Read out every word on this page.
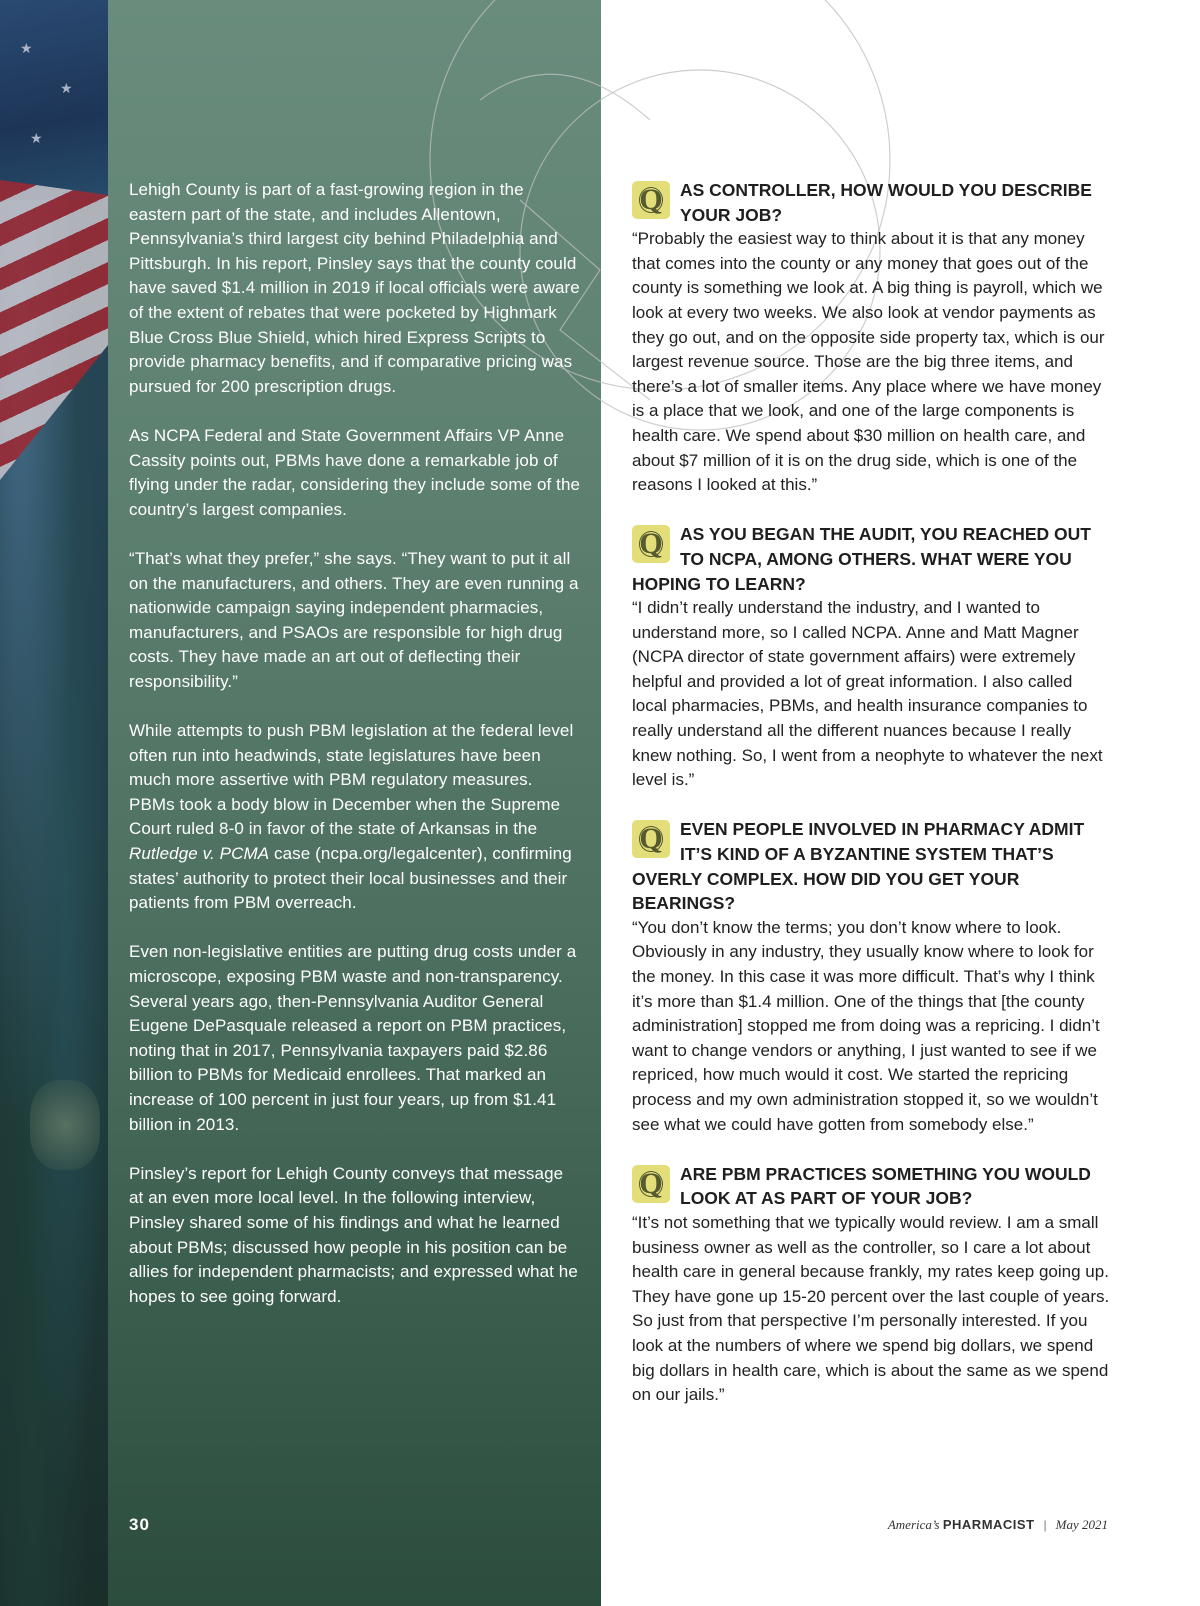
★
★
★

Lehigh County is part of a fast-growing region in the eastern part of the state, and includes Allentown, Pennsylvania’s third largest city behind Philadelphia and Pittsburgh. In his report, Pinsley says that the county could have saved $1.4 million in 2019 if local officials were aware of the extent of rebates that were pocketed by Highmark Blue Cross Blue Shield, which hired Express Scripts to provide pharmacy benefits, and if comparative pricing was pursued for 200 prescription drugs.

As NCPA Federal and State Government Affairs VP Anne Cassity points out, PBMs have done a remarkable job of flying under the radar, considering they include some of the country’s largest companies.

“That’s what they prefer,” she says. “They want to put it all on the manufacturers, and others. They are even running a nationwide campaign saying independent pharmacies, manufacturers, and PSAOs are responsible for high drug costs. They have made an art out of deflecting their responsibility.”

While attempts to push PBM legislation at the federal level often run into headwinds, state legislatures have been much more assertive with PBM regulatory measures. PBMs took a body blow in December when the Supreme Court ruled 8-0 in favor of the state of Arkansas in the Rutledge v. PCMA case (ncpa.org/legalcenter), confirming states’ authority to protect their local businesses and their patients from PBM overreach.

Even non-legislative entities are putting drug costs under a microscope, exposing PBM waste and non-transparency. Several years ago, then-Pennsylvania Auditor General Eugene DePasquale released a report on PBM practices, noting that in 2017, Pennsylvania taxpayers paid $2.86 billion to PBMs for Medicaid enrollees. That marked an increase of 100 percent in just four years, up from $1.41 billion in 2013.

Pinsley’s report for Lehigh County conveys that message at an even more local level. In the following interview, Pinsley shared some of his findings and what he learned about PBMs; discussed how people in his position can be allies for independent pharmacists; and expressed what he hopes to see going forward.

Q AS CONTROLLER, HOW WOULD YOU DESCRIBE YOUR JOB?

“Probably the easiest way to think about it is that any money that comes into the county or any money that goes out of the county is something we look at. A big thing is payroll, which we look at every two weeks. We also look at vendor payments as they go out, and on the opposite side property tax, which is our largest revenue source. Those are the big three items, and there’s a lot of smaller items. Any place where we have money is a place that we look, and one of the large components is health care. We spend about $30 million on health care, and about $7 million of it is on the drug side, which is one of the reasons I looked at this.”

Q AS YOU BEGAN THE AUDIT, YOU REACHED OUT TO NCPA, AMONG OTHERS. WHAT WERE YOU HOPING TO LEARN?

“I didn’t really understand the industry, and I wanted to understand more, so I called NCPA. Anne and Matt Magner (NCPA director of state government affairs) were extremely helpful and provided a lot of great information. I also called local pharmacies, PBMs, and health insurance companies to really understand all the different nuances because I really knew nothing. So, I went from a neophyte to whatever the next level is.”

Q EVEN PEOPLE INVOLVED IN PHARMACY ADMIT IT’S KIND OF A BYZANTINE SYSTEM THAT’S OVERLY COMPLEX. HOW DID YOU GET YOUR BEARINGS?

“You don’t know the terms; you don’t know where to look. Obviously in any industry, they usually know where to look for the money. In this case it was more difficult. That’s why I think it’s more than $1.4 million. One of the things that [the county administration] stopped me from doing was a repricing. I didn’t want to change vendors or anything, I just wanted to see if we repriced, how much would it cost. We started the repricing process and my own administration stopped it, so we wouldn’t see what we could have gotten from somebody else.”

Q ARE PBM PRACTICES SOMETHING YOU WOULD LOOK AT AS PART OF YOUR JOB?

“It’s not something that we typically would review. I am a small business owner as well as the controller, so I care a lot about health care in general because frankly, my rates keep going up. They have gone up 15-20 percent over the last couple of years. So just from that perspective I’m personally interested. If you look at the numbers of where we spend big dollars, we spend big dollars in health care, which is about the same as we spend on our jails.”

30	America’s PHARMACIST | May 2021
